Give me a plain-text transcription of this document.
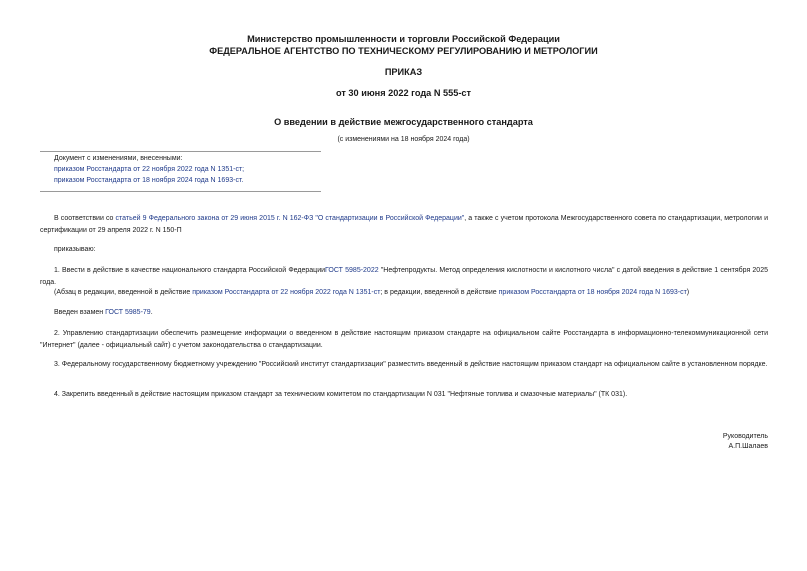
Министерство промышленности и торговли Российской Федерации
ФЕДЕРАЛЬНОЕ АГЕНТСТВО ПО ТЕХНИЧЕСКОМУ РЕГУЛИРОВАНИЮ И МЕТРОЛОГИИ
ПРИКАЗ
от 30 июня 2022 года N 555-ст
О введении в действие межгосударственного стандарта
(с изменениями на 18 ноября 2024 года)
Документ с изменениями, внесенными:
приказом Росстандарта от 22 ноября 2022 года N 1351-ст;
приказом Росстандарта от 18 ноября 2024 года N 1693-ст.
В соответствии со статьей 9 Федерального закона от 29 июня 2015 г. N 162-ФЗ "О стандартизации в Российской Федерации", а также с учетом протокола Межгосударственного совета по стандартизации, метрологии и сертификации от 29 апреля 2022 г. N 150-П
приказываю:
1. Ввести в действие в качестве национального стандарта Российской ФедерацииГОСТ 5985-2022 "Нефтепродукты. Метод определения кислотности и кислотного числа" с датой введения в действие 1 сентября 2025 года.
(Абзац в редакции, введенной в действие приказом Росстандарта от 22 ноября 2022 года N 1351-ст; в редакции, введенной в действие приказом Росстандарта от 18 ноября 2024 года N 1693-ст)
Введен взамен ГОСТ 5985-79.
2. Управлению стандартизации обеспечить размещение информации о введенном в действие настоящим приказом стандарте на официальном сайте Росстандарта в информационно-телекоммуникационной сети "Интернет" (далее - официальный сайт) с учетом законодательства о стандартизации.
3. Федеральному государственному бюджетному учреждению "Российский институт стандартизации" разместить введенный в действие настоящим приказом стандарт на официальном сайте в установленном порядке.
4. Закрепить введенный в действие настоящим приказом стандарт за техническим комитетом по стандартизации N 031 "Нефтяные топлива и смазочные материалы" (ТК 031).
Руководитель
А.П.Шалаев
